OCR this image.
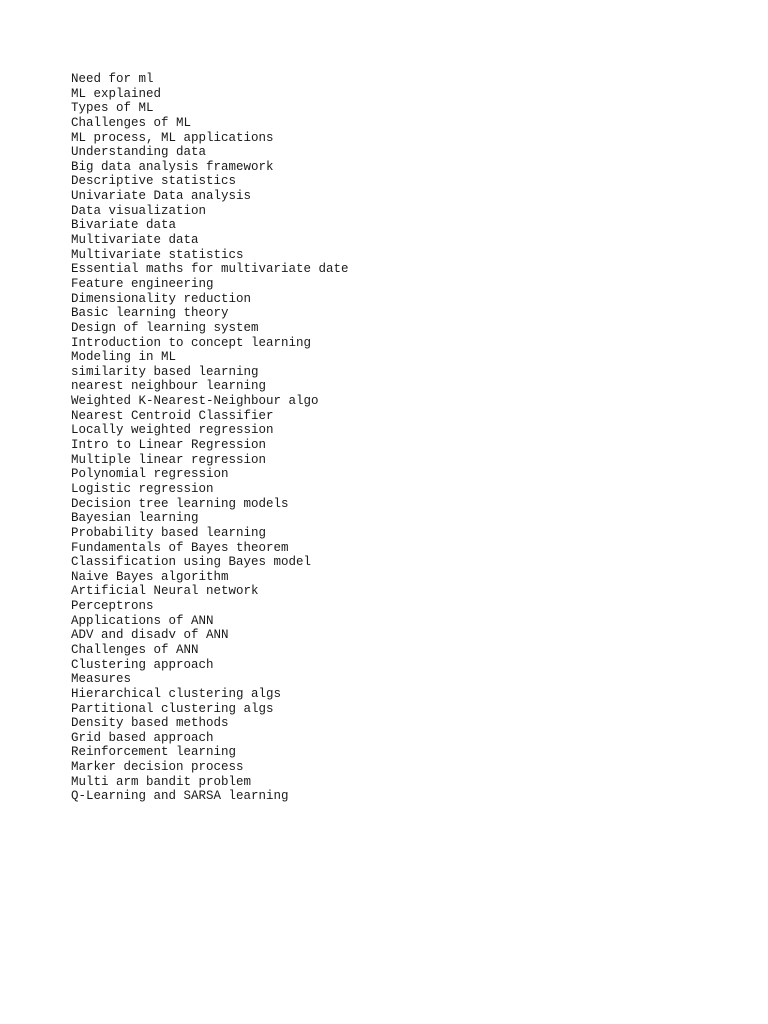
Need for ml
ML explained
Types of ML
Challenges of ML
ML process, ML applications
Understanding data
Big data analysis framework
Descriptive statistics
Univariate Data analysis
Data visualization
Bivariate data
Multivariate data
Multivariate statistics
Essential maths for multivariate date
Feature engineering
Dimensionality reduction
Basic learning theory
Design of learning system
Introduction to concept learning
Modeling in ML
similarity based learning
nearest neighbour learning
Weighted K-Nearest-Neighbour algo
Nearest Centroid Classifier
Locally weighted regression
Intro to Linear Regression
Multiple linear regression
Polynomial regression
Logistic regression
Decision tree learning models
Bayesian learning
Probability based learning
Fundamentals of Bayes theorem
Classification using Bayes model
Naive Bayes algorithm
Artificial Neural network
Perceptrons
Applications of ANN
ADV and disadv of ANN
Challenges of ANN
Clustering approach
Measures
Hierarchical clustering algs
Partitional clustering algs
Density based methods
Grid based approach
Reinforcement learning
Marker decision process
Multi arm bandit problem
Q-Learning and SARSA learning
